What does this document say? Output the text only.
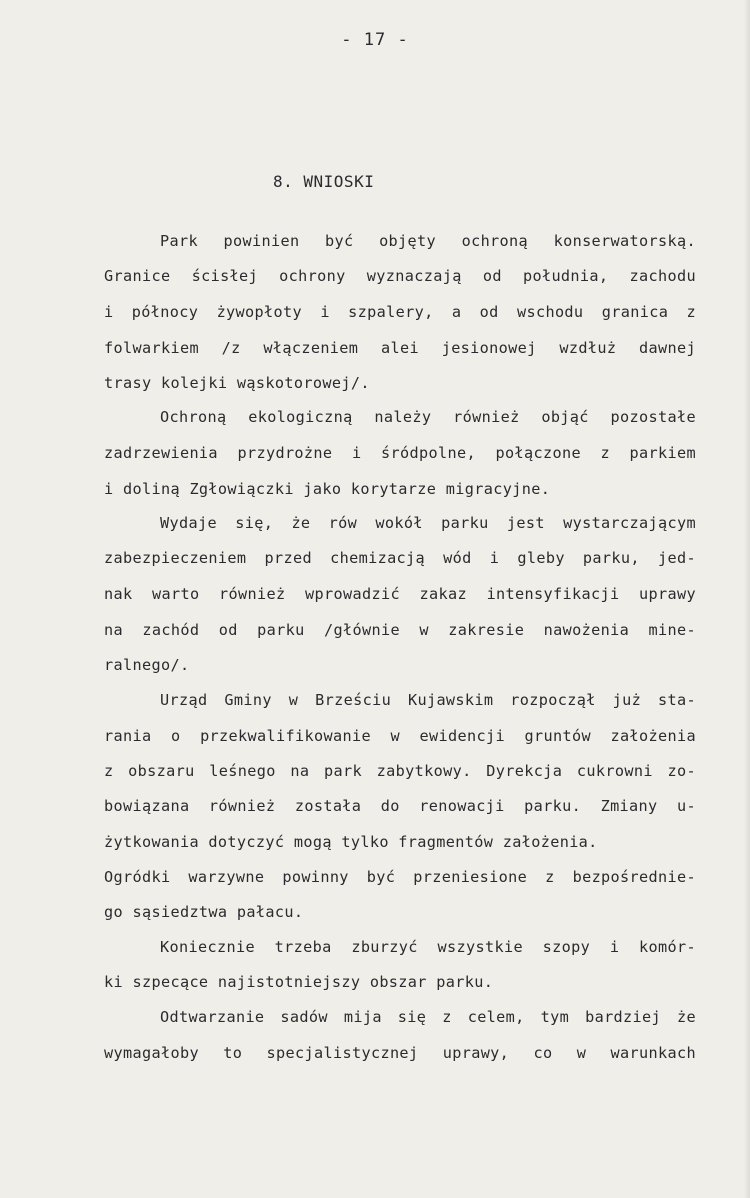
- 17 -
8. WNIOSKI
Park powinien być objęty ochroną konserwatorską.
Granice ścisłej ochrony wyznaczają od południa, zachodu
i północy żywopłoty i szpalery, a od wschodu granica z
folwarkiem /z włączeniem alei jesionowej wzdłuż dawnej
trasy kolejki wąskotorowej/.
Ochroną ekologiczną należy również objąć pozostałe
zadrzewienia przydrożne i śródpolne, połączone z parkiem
i doliną Zgłowiączki jako korytarze migracyjne.
Wydaje się, że rów wokół parku jest wystarczającym
zabezpieczeniem przed chemizacją wód i gleby parku, jed-
nak warto również wprowadzić zakaz intensyfikacji uprawy
na zachód od parku /głównie w zakresie nawożenia mine-
ralnego/.
Urząd Gminy w Brześciu Kujawskim rozpoczął już sta-
rania o przekwalifikowanie w ewidencji gruntów założenia
z obszaru leśnego na park zabytkowy. Dyrekcja cukrowni zo-
bowiązana również została do renowacji parku. Zmiany u-
żytkowania dotyczyć mogą tylko fragmentów założenia.
Ogródki warzywne powinny być przeniesione z bezpośrednie-
go sąsiedztwa pałacu.
Koniecznie trzeba zburzyć wszystkie szopy i komór-
ki szpecące najistotniejszy obszar parku.
Odtwarzanie sadów mija się z celem, tym bardziej że
wymagałoby to specjalistycznej uprawy, co w warunkach
